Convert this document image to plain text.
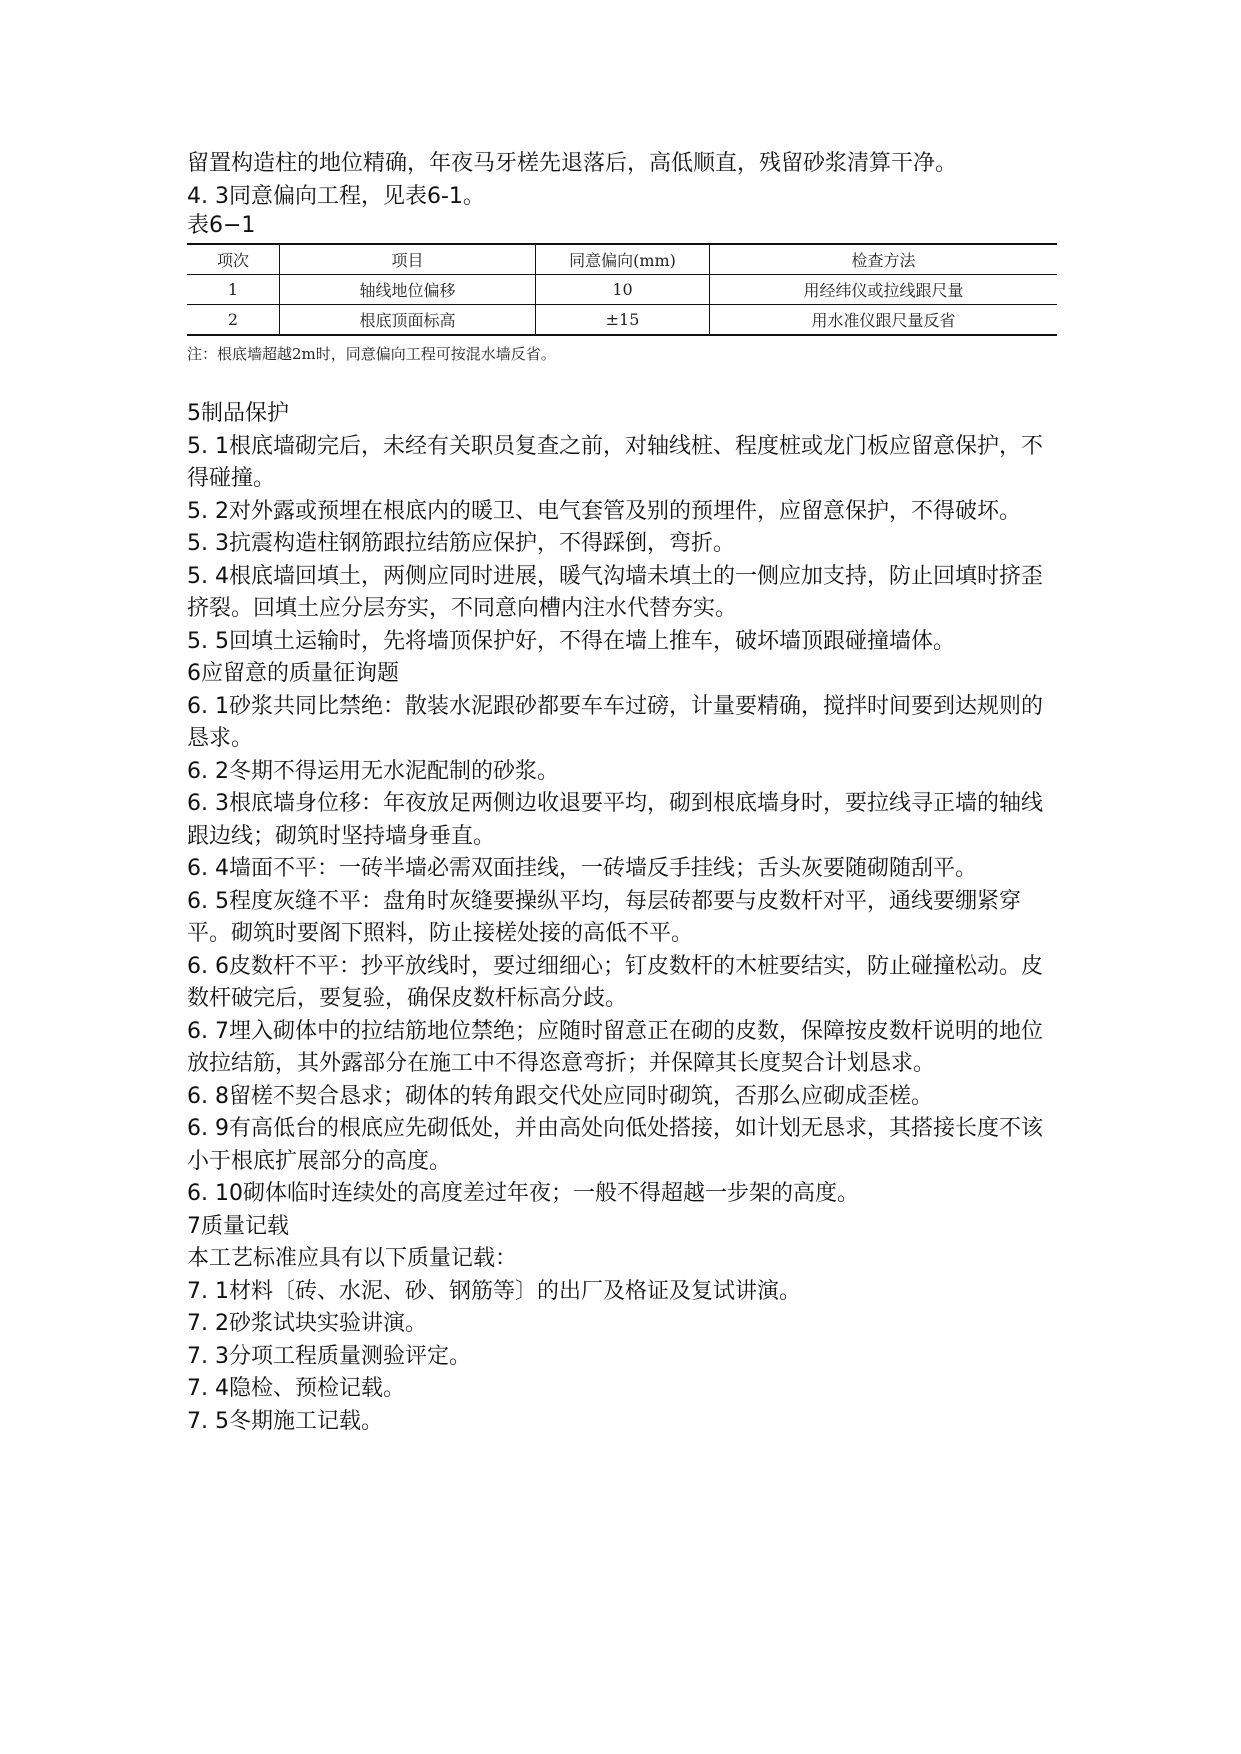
留置构造柱的地位精确，年夜马牙槎先退落后，高低顺直，残留砂浆清算干净。

4. 3同意偏向工程，见表6-1。

表6−1

项次	项目	同意偏向(mm)	检查方法
1	轴线地位偏移	10	用经纬仪或拉线跟尺量
2	根底顶面标高	±15	用水准仪跟尺量反省

注：根底墙超越2m时，同意偏向工程可按混水墙反省。

5制品保护

5. 1根底墙砌完后，未经有关职员复查之前，对轴线桩、程度桩或龙门板应留意保护，不得碰撞。

5. 2对外露或预埋在根底内的暖卫、电气套管及别的预埋件，应留意保护，不得破坏。

5. 3抗震构造柱钢筋跟拉结筋应保护，不得踩倒，弯折。

5. 4根底墙回填土，两侧应同时进展，暖气沟墙未填土的一侧应加支持，防止回填时挤歪挤裂。回填土应分层夯实，不同意向槽内注水代替夯实。

5. 5回填土运输时，先将墙顶保护好，不得在墙上推车，破坏墙顶跟碰撞墙体。

6应留意的质量征询题

6. 1砂浆共同比禁绝：散装水泥跟砂都要车车过磅，计量要精确，搅拌时间要到达规则的恳求。

6. 2冬期不得运用无水泥配制的砂浆。

6. 3根底墙身位移：年夜放足两侧边收退要平均，砌到根底墙身时，要拉线寻正墙的轴线跟边线；砌筑时坚持墙身垂直。

6. 4墙面不平：一砖半墙必需双面挂线，一砖墙反手挂线；舌头灰要随砌随刮平。

6. 5程度灰缝不平：盘角时灰缝要操纵平均，每层砖都要与皮数杆对平，通线要绷紧穿平。砌筑时要阁下照料，防止接槎处接的高低不平。

6. 6皮数杆不平：抄平放线时，要过细细心；钉皮数杆的木桩要结实，防止碰撞松动。皮数杆破完后，要复验，确保皮数杆标高分歧。

6. 7埋入砌体中的拉结筋地位禁绝；应随时留意正在砌的皮数，保障按皮数杆说明的地位放拉结筋，其外露部分在施工中不得恣意弯折；并保障其长度契合计划恳求。

6. 8留槎不契合恳求；砌体的转角跟交代处应同时砌筑，否那么应砌成歪槎。

6. 9有高低台的根底应先砌低处，并由高处向低处搭接，如计划无恳求，其搭接长度不该小于根底扩展部分的高度。

6. 10砌体临时连续处的高度差过年夜；一般不得超越一步架的高度。

7质量记载

本工艺标准应具有以下质量记载：

7. 1材料〔砖、水泥、砂、钢筋等〕的出厂及格证及复试讲演。

7. 2砂浆试块实验讲演。

7. 3分项工程质量测验评定。

7. 4隐检、预检记载。

7. 5冬期施工记载。
